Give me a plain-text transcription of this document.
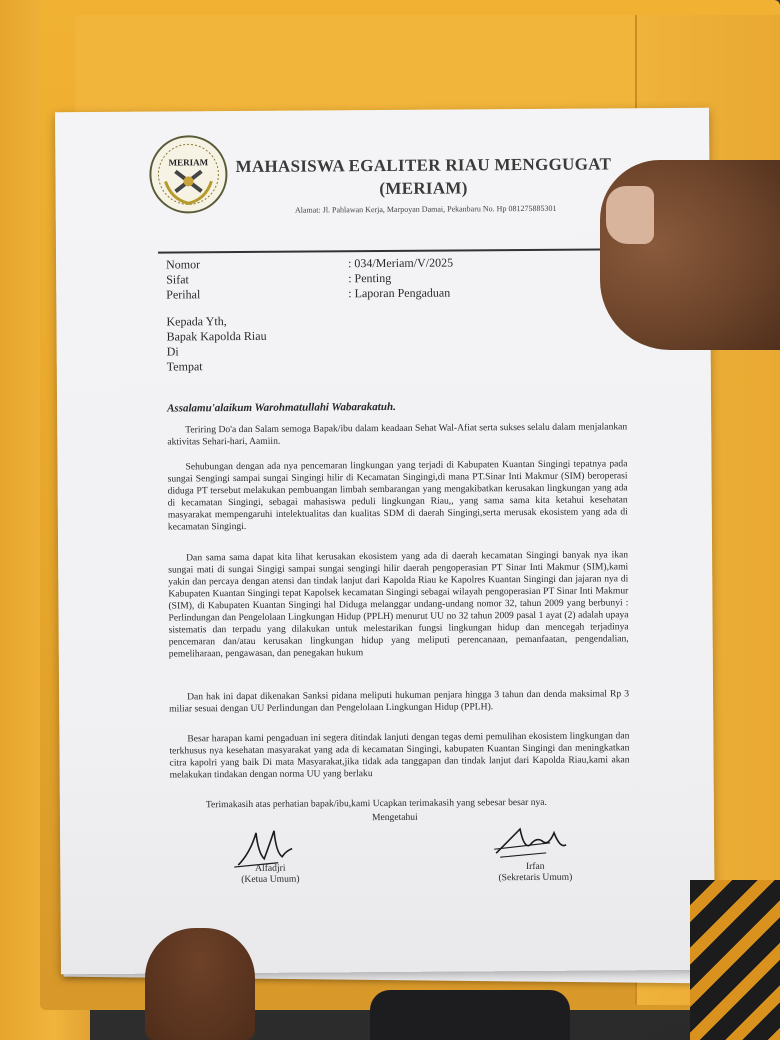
MERIAM	MAHASISWA EGALITER RIAU MENGGUGAT
(MERIAM)
Alamat: Jl. Pahlawan Kerja, Marpoyan Damai, Pekanbaru No. Hp 081275885301
Nomor	: 034/Meriam/V/2025
Sifat	: Penting
Perihal	: Laporan Pengaduan
Kepada Yth,
Bapak Kapolda Riau
Di
Tempat
Assalamu'alaikum Warohmatullahi Wabarakatuh.
Teriring Do'a dan Salam semoga Bapak/ibu dalam keadaan Sehat Wal-Afiat serta sukses selalu dalam menjalankan aktivitas Sehari-hari, Aamiin.
Sehubungan dengan ada nya pencemaran lingkungan yang terjadi di Kabupaten Kuantan Singingi tepatnya pada sungai Sengingi sampai sungai Singingi hilir di Kecamatan Singingi,di mana PT.Sinar Inti Makmur (SIM) beroperasi diduga PT tersebut melakukan pembuangan limbah sembarangan yang mengakibatkan kerusakan lingkungan yang ada di kecamatan Singingi, sebagai mahasiswa peduli lingkungan Riau,, yang sama sama kita ketahui kesehatan masyarakat mempengaruhi intelektualitas dan kualitas SDM di daerah Singingi,serta merusak ekosistem yang ada di kecamatan Singingi.
Dan sama sama dapat kita lihat kerusakan ekosistem yang ada di daerah kecamatan Singingi banyak nya ikan sungai mati di sungai Singigi sampai sungai sengingi hilir daerah pengoperasian PT Sinar Inti Makmur (SIM),kami yakin dan percaya dengan atensi dan tindak lanjut dari Kapolda Riau ke Kapolres Kuantan Singingi dan jajaran nya di Kabupaten Kuantan Singingi tepat Kapolsek kecamatan Singingi sebagai wilayah pengoperasian PT Sinar Inti Makmur (SIM), di Kabupaten Kuantan Singingi hal Diduga melanggar undang-undang nomor 32, tahun 2009 yang berbunyi : Perlindungan dan Pengelolaan Lingkungan Hidup (PPLH) menurut UU no 32 tahun 2009 pasal 1 ayat (2) adalah upaya sistematis dan terpadu yang dilakukan untuk melestarikan fungsi lingkungan hidup dan mencegah terjadinya pencemaran dan/atau kerusakan lingkungan hidup yang meliputi perencanaan, pemanfaatan, pengendalian, pemeliharaan, pengawasan, dan penegakan hukum
Dan hak ini dapat dikenakan Sanksi pidana meliputi hukuman penjara hingga 3 tahun dan denda maksimal Rp 3 miliar sesuai dengan UU Perlindungan dan Pengelolaan Lingkungan Hidup (PPLH).
Besar harapan kami pengaduan ini segera ditindak lanjuti dengan tegas demi pemulihan ekosistem lingkungan dan terkhusus nya kesehatan masyarakat yang ada di kecamatan Singingi, kabupaten Kuantan Singingi dan meningkatkan citra kapolri yang baik Di mata Masyarakat,jika tidak ada tanggapan dan tindak lanjut dari Kapolda Riau,kami akan melakukan tindakan dengan norma UU yang berlaku
Terimakasih atas perhatian bapak/ibu,kami Ucapkan terimakasih yang sebesar besar nya.
Mengetahui
Alfadjri
(Ketua Umum)
Irfan
(Sekretaris Umum)
